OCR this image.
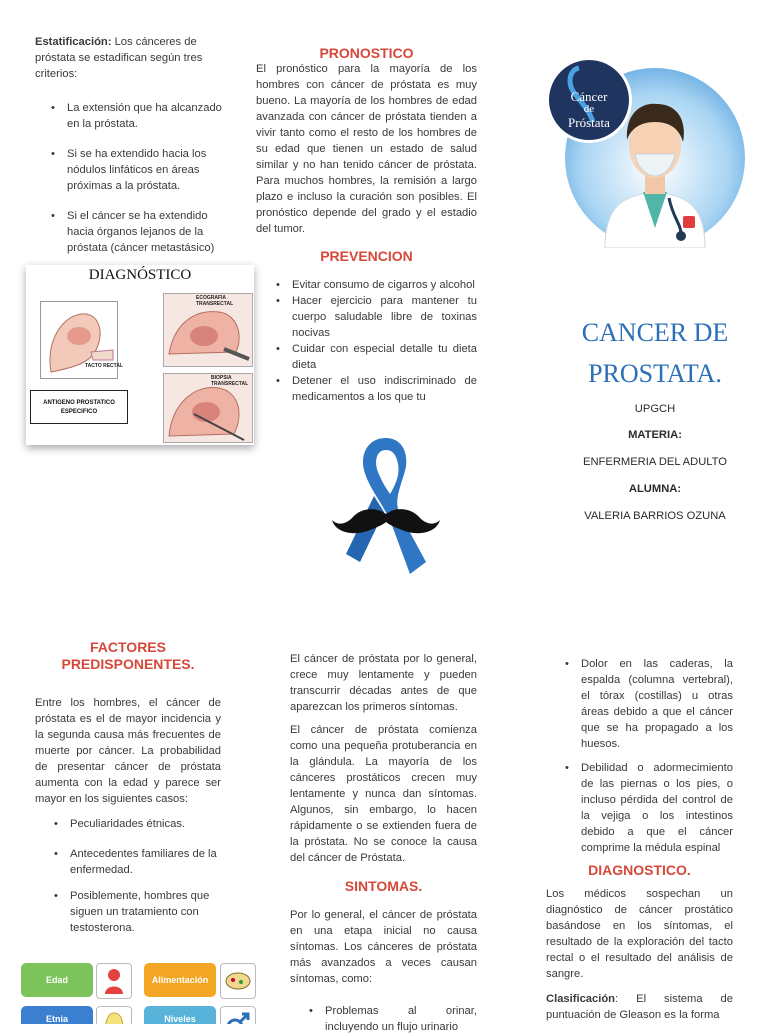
Estatificación: Los cánceres de próstata se estadifican según tres criterios:

• La extensión que ha alcanzado en la próstata.
• Si se ha extendido hacia los nódulos linfáticos en áreas próximas a la próstata.
• Si el cáncer se ha extendido hacia órganos lejanos de la próstata (cáncer metastásico)
DIAGNÓSTICO
TACTO RECTAL
ECOGRAFIA TRANSRECTAL
BIOPSIA TRANSRECTAL
ANTIGENO PROSTATICO ESPECIFICO
PRONOSTICO

El pronóstico para la mayoría de los hombres con cáncer de próstata es muy bueno. La mayoría de los hombres de edad avanzada con cáncer de próstata tienden a vivir tanto como el resto de los hombres de su edad que tienen un estado de salud similar y no han tenido cáncer de próstata. Para muchos hombres, la remisión a largo plazo e incluso la curación son posibles. El pronóstico depende del grado y el estadio del tumor.

PREVENCION
• Evitar consumo de cigarros y alcohol
• Hacer ejercicio para mantener tu cuerpo saludable libre de toxinas nocivas
• Cuidar con especial detalle tu dieta dieta
• Detener el uso indiscriminado de medicamentos a los que tu
Cáncer
de
Próstata
CANCER DE
PROSTATA.
UPGCH
MATERIA:
ENFERMERIA DEL ADULTO
ALUMNA:
VALERIA BARRIOS OZUNA
FACTORES
PREDISPONENTES.

Entre los hombres, el cáncer de próstata es el de mayor incidencia y la segunda causa más frecuentes de muerte por cáncer. La probabilidad de presentar cáncer de próstata aumenta con la edad y parece ser mayor en los siguientes casos:

• Peculiaridades étnicas.
• Antecedentes familiares de la enfermedad.
• Posiblemente, hombres que siguen un tratamiento con testosterona.
Edad	Alimentación
Etnia	Niveles

El cáncer de próstata por lo general, crece muy lentamente y pueden transcurrir décadas antes de que aparezcan los primeros síntomas.

El cáncer de próstata comienza como una pequeña protuberancia en la glándula. La mayoría de los cánceres prostáticos crecen muy lentamente y nunca dan síntomas. Algunos, sin embargo, lo hacen rápidamente o se extienden fuera de la próstata. No se conoce la causa del cáncer de Próstata.

SINTOMAS.

Por lo general, el cáncer de próstata en una etapa inicial no causa síntomas. Los cánceres de próstata más avanzados a veces causan síntomas, como:

• Problemas al orinar, incluyendo un flujo urinario
• Dolor en las caderas, la espalda (columna vertebral), el tórax (costillas) u otras áreas debido a que el cáncer que se ha propagado a los huesos.
• Debilidad o adormecimiento de las piernas o los pies, o incluso pérdida del control de la vejiga o los intestinos debido a que el cáncer comprime la médula espinal
DIAGNOSTICO.

Los médicos sospechan un diagnóstico de cáncer prostático basándose en los síntomas, el resultado de la exploración del tacto rectal o el resultado del análisis de sangre.

Clasificación: El sistema de puntuación de Gleason es la forma
